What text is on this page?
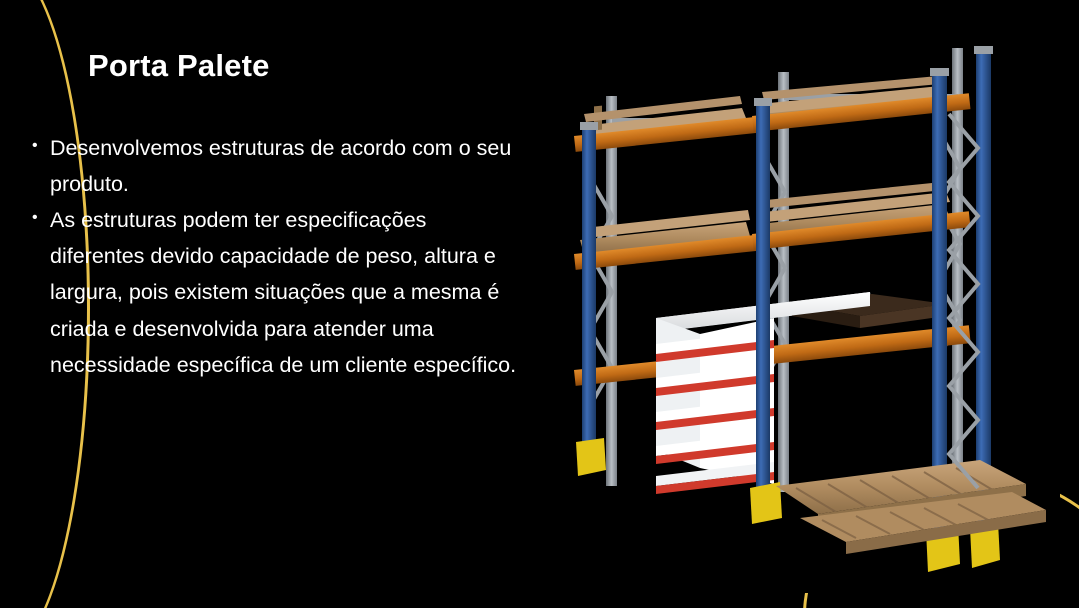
Porta Palete
• Desenvolvemos estruturas de acordo com o seu produto.
• As estruturas podem ter especificações diferentes devido capacidade de peso, altura e largura, pois existem situações que a mesma é criada e desenvolvida para atender uma necessidade específica de um cliente específico.
